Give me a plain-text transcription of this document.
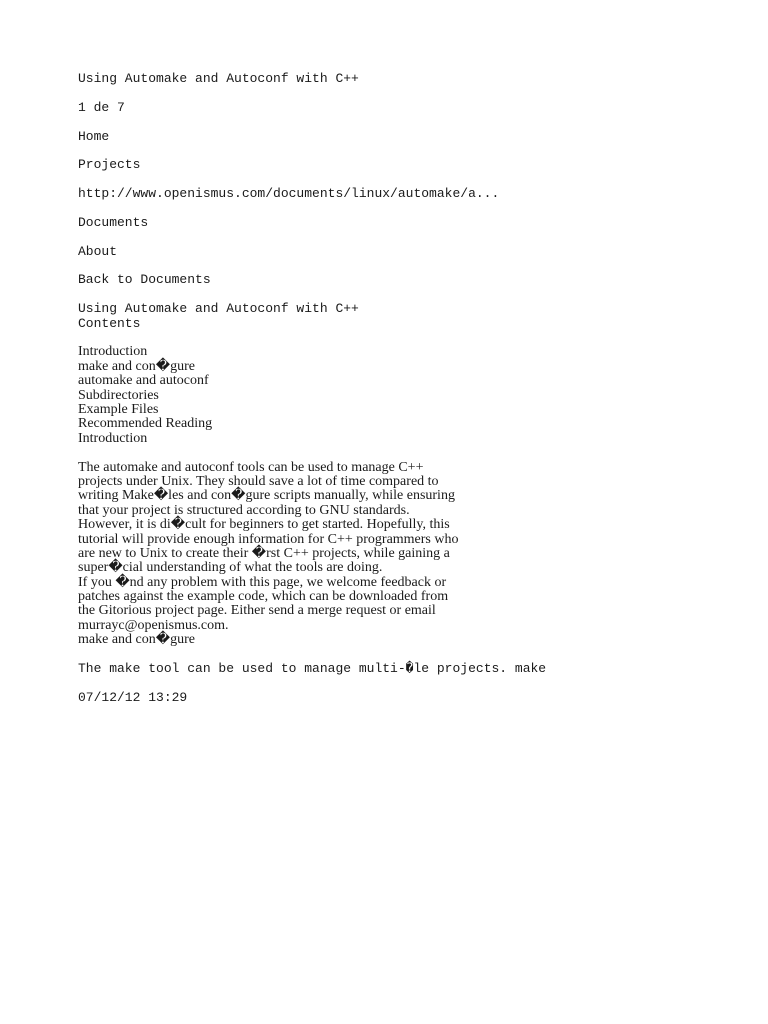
Using Automake and Autoconf with C++
1 de 7
Home
Projects
http://www.openismus.com/documents/linux/automake/a...
Documents
About
Back to Documents
Using Automake and Autoconf with C++
Contents
Introduction
make and con�gure
automake and autoconf
Subdirectories
Example Files
Recommended Reading
Introduction
The automake and autoconf tools can be used to manage C++
projects under Unix. They should save a lot of time compared to
writing Make�les and con�gure scripts manually, while ensuring
that your project is structured according to GNU standards.
However, it is di�cult for beginners to get started. Hopefully, this
tutorial will provide enough information for C++ programmers who
are new to Unix to create their �rst C++ projects, while gaining a
super�cial understanding of what the tools are doing.
If you �nd any problem with this page, we welcome feedback or
patches against the example code, which can be downloaded from
the Gitorious project page. Either send a merge request or email
murrayc@openismus.com.
make and con�gure
The make tool can be used to manage multi-�le projects. make
07/12/12 13:29
